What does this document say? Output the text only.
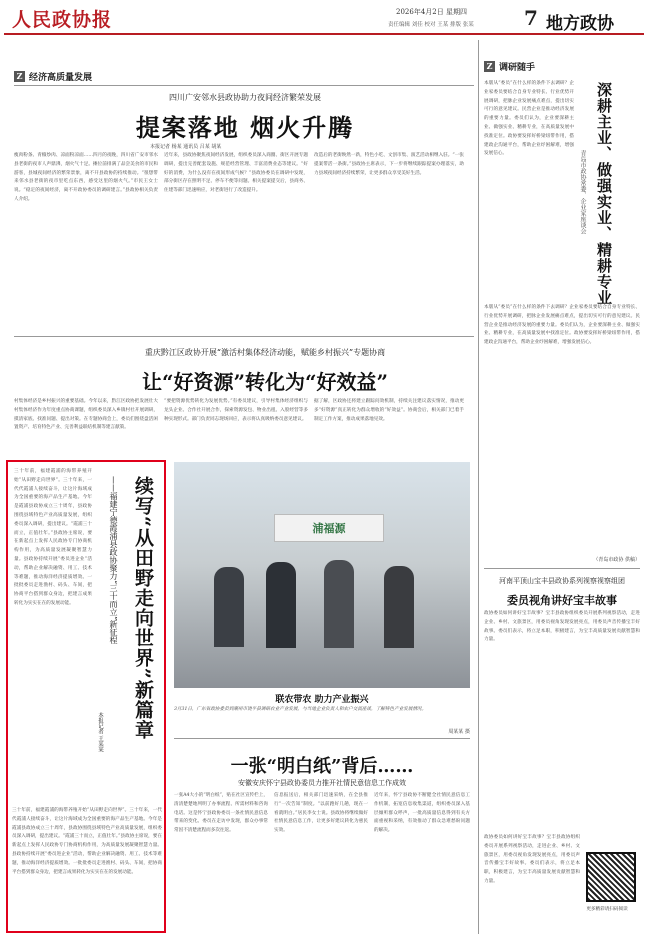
人民政协报	2026年4月2日 星期四
责任编辑 刘佳 校对 王某 排版 张某	7 地方政协
Z 经济高质量发展
四川广安邻水县政协助力夜间经济繁荣发展
提案落地 烟火升腾
本报记者 杨某 通讯员 吕某 胡某
瘦肉粉条、青椒炒肉、凉面粉凉面……四月的夜晚，四川省广安市邻水县老街的夜市人声鼎沸，烟火气十足。摊位前排满了品尝美食的市民和游客，县城夜间经济的繁荣景象，离不开县政协的持续推动。“很想带来邻水县老街的夜市里吃点东西，感受这里的烟火气。”市民王女士说。“稳定的夜间经济，离不开政协委员的调研建言。”县政协相关负责人介绍。
近年来，县政协聚焦夜间经济发展，组织委员深入商圈、街区开展专题调研，提出完善配套设施、规范经营管理、丰富消费业态等建议。“好好的消费，为什么没有在夜间形成气候？”县政协委员在调研中发现，部分街区存在照明不足、停车不便等问题。相关提案提交后，县商务、住建等部门迅速响应，对老街进行了改造提升。
改造后的老街焕然一新，特色小吃、文创市集、演艺活动相继入驻。“一张提案带活一条街。”县政协主席表示，下一步将继续跟踪提案办理落实，助力县域夜间经济持续繁荣，让更多群众享受美好生活。
重庆黔江区政协开展“激活村集体经济动能，赋能乡村振兴”专题协商
让“好资源”转化为“好效益”
村集体经济是乡村振兴的重要基础。今年以来，黔江区政协把发展壮大村集体经济作为年度重点协商课题，组织委员深入乡镇村社开展调研，摸清家底、找准问题、提出对策。在专题协商会上，委员们围绕盘活闲置资产、培育特色产业、完善利益联结机制等建言献策。
“要把资源优势转化为发展优势。”有委员建议，引导村集体经济组织与龙头企业、合作社开展合作，探索资源发包、物业出租、入股经营等多种实现形式。部门负责同志现场回应，表示将认真吸纳委员意见建议。
据了解，区政协还将建立跟踪问效机制，持续关注建议落实情况，推动更多“好资源”真正转化为群众增收的“好效益”。协商会后，相关部门已着手制定工作方案，推动成果落地见效。
续写“从田野走向世界”新篇章
——福建宁德霞浦县政协聚力“三十而立”新征程
本报记者 王某某
三十年前，福建霞浦的海带养殖开始“从田野走向世界”。三十年来，一代代霞浦人接续奋斗，让这片海域成为全国重要的海产品生产基地。今年是霞浦县政协成立三十周年，县政协围绕县域特色产业高质量发展，组织委员深入调研，提出建议。“霞浦三十而立，正值壮年。”县政协主席说，要在新起点上发挥人民政协专门协商机构作用，为高质量发展凝聚智慧力量。县政协持续开展“委员进企业”活动，帮助企业解决融资、用工、技术等难题，推动海洋经济提质增效。一批批委员走进渔村、码头、车间，把协商平台搭到群众身边，把建言成果转化为实实在在的发展动能。
三十年前，福建霞浦的海带养殖开始“从田野走向世界”。三十年来，一代代霞浦人接续奋斗，让这片海域成为全国重要的海产品生产基地。今年是霞浦县政协成立三十周年，县政协围绕县域特色产业高质量发展，组织委员深入调研，提出建议。“霞浦三十而立，正值壮年。”县政协主席说，要在新起点上发挥人民政协专门协商机构作用，为高质量发展凝聚智慧力量。县政协持续开展“委员进企业”活动，帮助企业解决融资、用工、技术等难题，推动海洋经济提质增效。一批批委员走进渔村、码头、车间，把协商平台搭到群众身边，把建言成果转化为实实在在的发展动能。
浦福源
联农带农 助力产业振兴
3月31日，广东省政协委员到潮州市饶平县调研农业产业发展，与当地企业负责人和农户交流座谈，了解特色产业发展情况。
周某某 摄
一张“明白纸”背后……
安徽安庆怀宁县政协委员力推开社情民意信息工作成效
一张A4大小的“明白纸”，贴在社区宣传栏上，清清楚楚地列明了办事流程、所需材料和咨询电话。这是怀宁县政协委员一条社情民意信息带来的变化。委员在走访中发现，群众办事常常因不清楚流程而多次往返。
信息报送后，相关部门迅速采纳，在全县推行“一次告知”制度。“以前跑好几趟，现在一看就明白。”居民李女士说。县政协将继续做好社情民意信息工作，让更多好建议转化为惠民实效。
近年来，怀宁县政协不断健全社情民意信息工作机制，拓宽信息收集渠道，组织委员深入基层倾听群众呼声，一批高质量信息得到有关方面重视和采纳，有效推动了群众急难愁盼问题的解决。
Z 调研随手
深耕主业、做强实业、精耕专业
青岛市政协常委、企业家座谈会
本版从“委员”在什么样的条件下去调研？企业家委员要结合自身专业特长、行业优势开展调研，把脉企业发展痛点难点，提出切实可行的意见建议。民营企业是推动经济发展的重要力量。委员们认为，企业要深耕主业、做强实业、精耕专业，在高质量发展中找准定位。政协要发挥好桥梁纽带作用，搭建政企沟通平台，帮助企业纾困解难，增强发展信心。
本版从“委员”在什么样的条件下去调研？企业家委员要结合自身专业特长、行业优势开展调研，把脉企业发展痛点难点，提出切实可行的意见建议。民营企业是推动经济发展的重要力量。委员们认为，企业要深耕主业、做强实业、精耕专业，在高质量发展中找准定位。政协要发挥好桥梁纽带作用，搭建政企沟通平台，帮助企业纾困解难，增强发展信心。
（青岛市政协 供稿）
河南平顶山宝丰县政协系列视察视察组团
委员视角讲好宝丰故事
政协委员如何讲好宝丰故事？宝丰县政协组织委员开展系列视察活动，走进企业、乡村、文旅景区，用委员视角发现发展亮点，用委员声音传播宝丰好故事。委员们表示，将立足本职，积极建言，为宝丰高质量发展贡献智慧和力量。
政协委员如何讲好宝丰故事？宝丰县政协组织委员开展系列视察活动，走进企业、乡村、文旅景区，用委员视角发现发展亮点，用委员声音传播宝丰好故事。委员们表示，将立足本职，积极建言，为宝丰高质量发展贡献智慧和力量。
更多精彩请扫码阅读
